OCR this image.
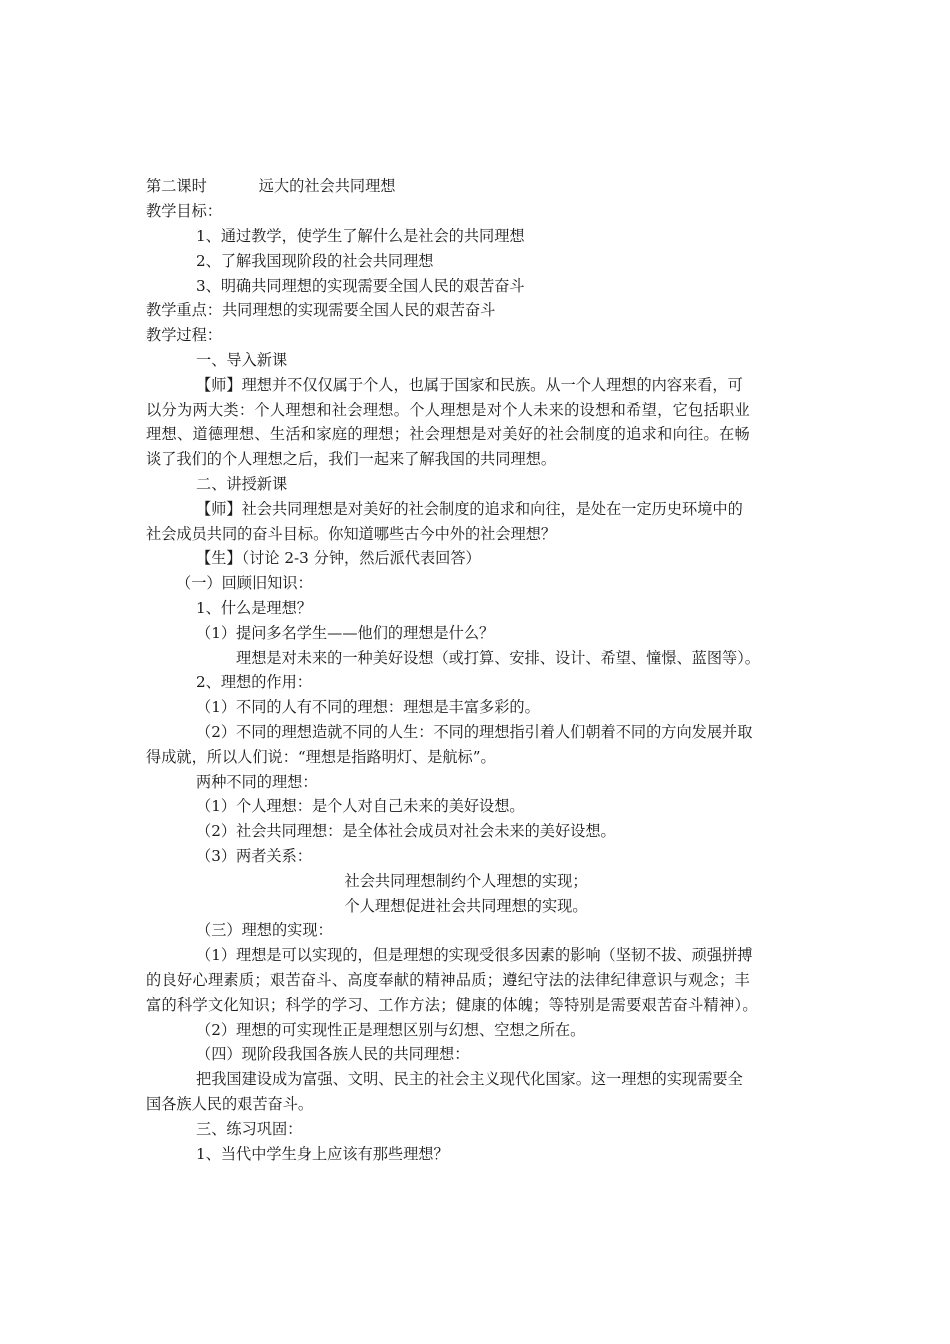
第二课时	远大的社会共同理想
教学目标：
1、通过教学，使学生了解什么是社会的共同理想
2、了解我国现阶段的社会共同理想
3、明确共同理想的实现需要全国人民的艰苦奋斗
教学重点：共同理想的实现需要全国人民的艰苦奋斗
教学过程：
一、导入新课
【师】理想并不仅仅属于个人，也属于国家和民族。从一个人理想的内容来看，可
以分为两大类：个人理想和社会理想。个人理想是对个人未来的设想和希望，它包括职业
理想、道德理想、生活和家庭的理想；社会理想是对美好的社会制度的追求和向往。在畅
谈了我们的个人理想之后，我们一起来了解我国的共同理想。
二、讲授新课
【师】社会共同理想是对美好的社会制度的追求和向往，是处在一定历史环境中的
社会成员共同的奋斗目标。你知道哪些古今中外的社会理想？
【生】（讨论 2-3 分钟，然后派代表回答）
（一）回顾旧知识：
1、什么是理想？
（1）提问多名学生——他们的理想是什么？
理想是对未来的一种美好设想（或打算、安排、设计、希望、憧憬、蓝图等）。
2、理想的作用：
（1）不同的人有不同的理想：理想是丰富多彩的。
（2）不同的理想造就不同的人生：不同的理想指引着人们朝着不同的方向发展并取
得成就，所以人们说：“理想是指路明灯、是航标”。
两种不同的理想：
（1）个人理想：是个人对自己未来的美好设想。
（2）社会共同理想：是全体社会成员对社会未来的美好设想。
（3）两者关系：
社会共同理想制约个人理想的实现；
个人理想促进社会共同理想的实现。
（三）理想的实现：
（1）理想是可以实现的，但是理想的实现受很多因素的影响（坚韧不拔、顽强拼搏
的良好心理素质；艰苦奋斗、高度奉献的精神品质；遵纪守法的法律纪律意识与观念；丰
富的科学文化知识；科学的学习、工作方法；健康的体魄；等特别是需要艰苦奋斗精神）。
（2）理想的可实现性正是理想区别与幻想、空想之所在。
（四）现阶段我国各族人民的共同理想：
把我国建设成为富强、文明、民主的社会主义现代化国家。这一理想的实现需要全
国各族人民的艰苦奋斗。
三、练习巩固：
1、当代中学生身上应该有那些理想？
